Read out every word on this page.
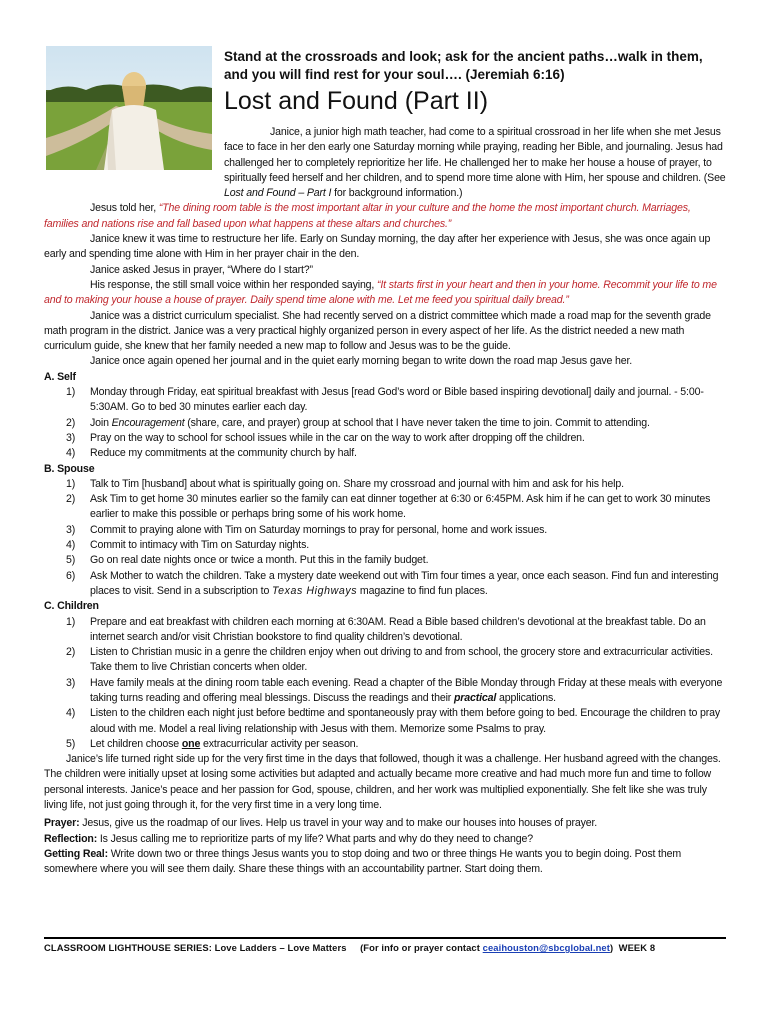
Stand at the crossroads and look; ask for the ancient paths…walk in them, and you will find rest for your soul…. (Jeremiah 6:16)
Lost and Found (Part II)

Janice, a junior high math teacher, had come to a spiritual crossroad in her life when she met Jesus face to face in her den early one Saturday morning while praying, reading her Bible, and journaling. Jesus had challenged her to completely reprioritize her life. He challenged her to make her house a house of prayer, to spiritually feed herself and her children, and to spend more time alone with Him, her spouse and children. (See Lost and Found – Part I for background information.)

Jesus told her, “The dining room table is the most important altar in your culture and the home the most important church. Marriages, families and nations rise and fall based upon what happens at these altars and churches.”

Janice knew it was time to restructure her life. Early on Sunday morning, the day after her experience with Jesus, she was once again up early and spending time alone with Him in her prayer chair in the den.

Janice asked Jesus in prayer, “Where do I start?”

His response, the still small voice within her responded saying, “It starts first in your heart and then in your home. Recommit your life to me and to making your house a house of prayer. Daily spend time alone with me. Let me feed you spiritual daily bread.”

Janice was a district curriculum specialist. She had recently served on a district committee which made a road map for the seventh grade math program in the district. Janice was a very practical highly organized person in every aspect of her life. As the district needed a new math curriculum guide, she knew that her family needed a new map to follow and Jesus was to be the guide.

Janice once again opened her journal and in the quiet early morning began to write down the road map Jesus gave her.

A. Self

1) Monday through Friday, eat spiritual breakfast with Jesus [read God’s word or Bible based inspiring devotional] daily and journal. - 5:00-5:30AM. Go to bed 30 minutes earlier each day.
2) Join Encouragement (share, care, and prayer) group at school that I have never taken the time to join. Commit to attending.
3) Pray on the way to school for school issues while in the car on the way to work after dropping off the children.
4) Reduce my commitments at the community church by half.

B. Spouse

1) Talk to Tim [husband] about what is spiritually going on. Share my crossroad and journal with him and ask for his help.
2) Ask Tim to get home 30 minutes earlier so the family can eat dinner together at 6:30 or 6:45PM. Ask him if he can get to work 30 minutes earlier to make this possible or perhaps bring some of his work home.
3) Commit to praying alone with Tim on Saturday mornings to pray for personal, home and work issues.
4) Commit to intimacy with Tim on Saturday nights.
5) Go on real date nights once or twice a month. Put this in the family budget.
6) Ask Mother to watch the children. Take a mystery date weekend out with Tim four times a year, once each season. Find fun and interesting places to visit. Send in a subscription to Texas Highways magazine to find fun places.

C. Children

1) Prepare and eat breakfast with children each morning at 6:30AM. Read a Bible based children’s devotional at the breakfast table. Do an internet search and/or visit Christian bookstore to find quality children’s devotional.
2) Listen to Christian music in a genre the children enjoy when out driving to and from school, the grocery store and extracurricular activities. Take them to live Christian concerts when older.
3) Have family meals at the dining room table each evening. Read a chapter of the Bible Monday through Friday at these meals with everyone taking turns reading and offering meal blessings. Discuss the readings and their practical applications.
4) Listen to the children each night just before bedtime and spontaneously pray with them before going to bed. Encourage the children to pray aloud with me. Model a real living relationship with Jesus with them. Memorize some Psalms to pray.
5) Let children choose one extracurricular activity per season.

Janice’s life turned right side up for the very first time in the days that followed, though it was a challenge. Her husband agreed with the changes. The children were initially upset at losing some activities but adapted and actually became more creative and had much more fun and time to follow personal interests. Janice’s peace and her passion for God, spouse, children, and her work was multiplied exponentially. She felt like she was truly living life, not just going through it, for the very first time in a very long time.

Prayer: Jesus, give us the roadmap of our lives. Help us travel in your way and to make our houses into houses of prayer.

Reflection: Is Jesus calling me to reprioritize parts of my life? What parts and why do they need to change?

Getting Real: Write down two or three things Jesus wants you to stop doing and two or three things He wants you to begin doing. Post them somewhere where you will see them daily. Share these things with an accountability partner. Start doing them.

CLASSROOM LIGHTHOUSE SERIES: Love Ladders – Love Matters (For info or prayer contact ceaihouston@sbcglobal.net) WEEK 8
